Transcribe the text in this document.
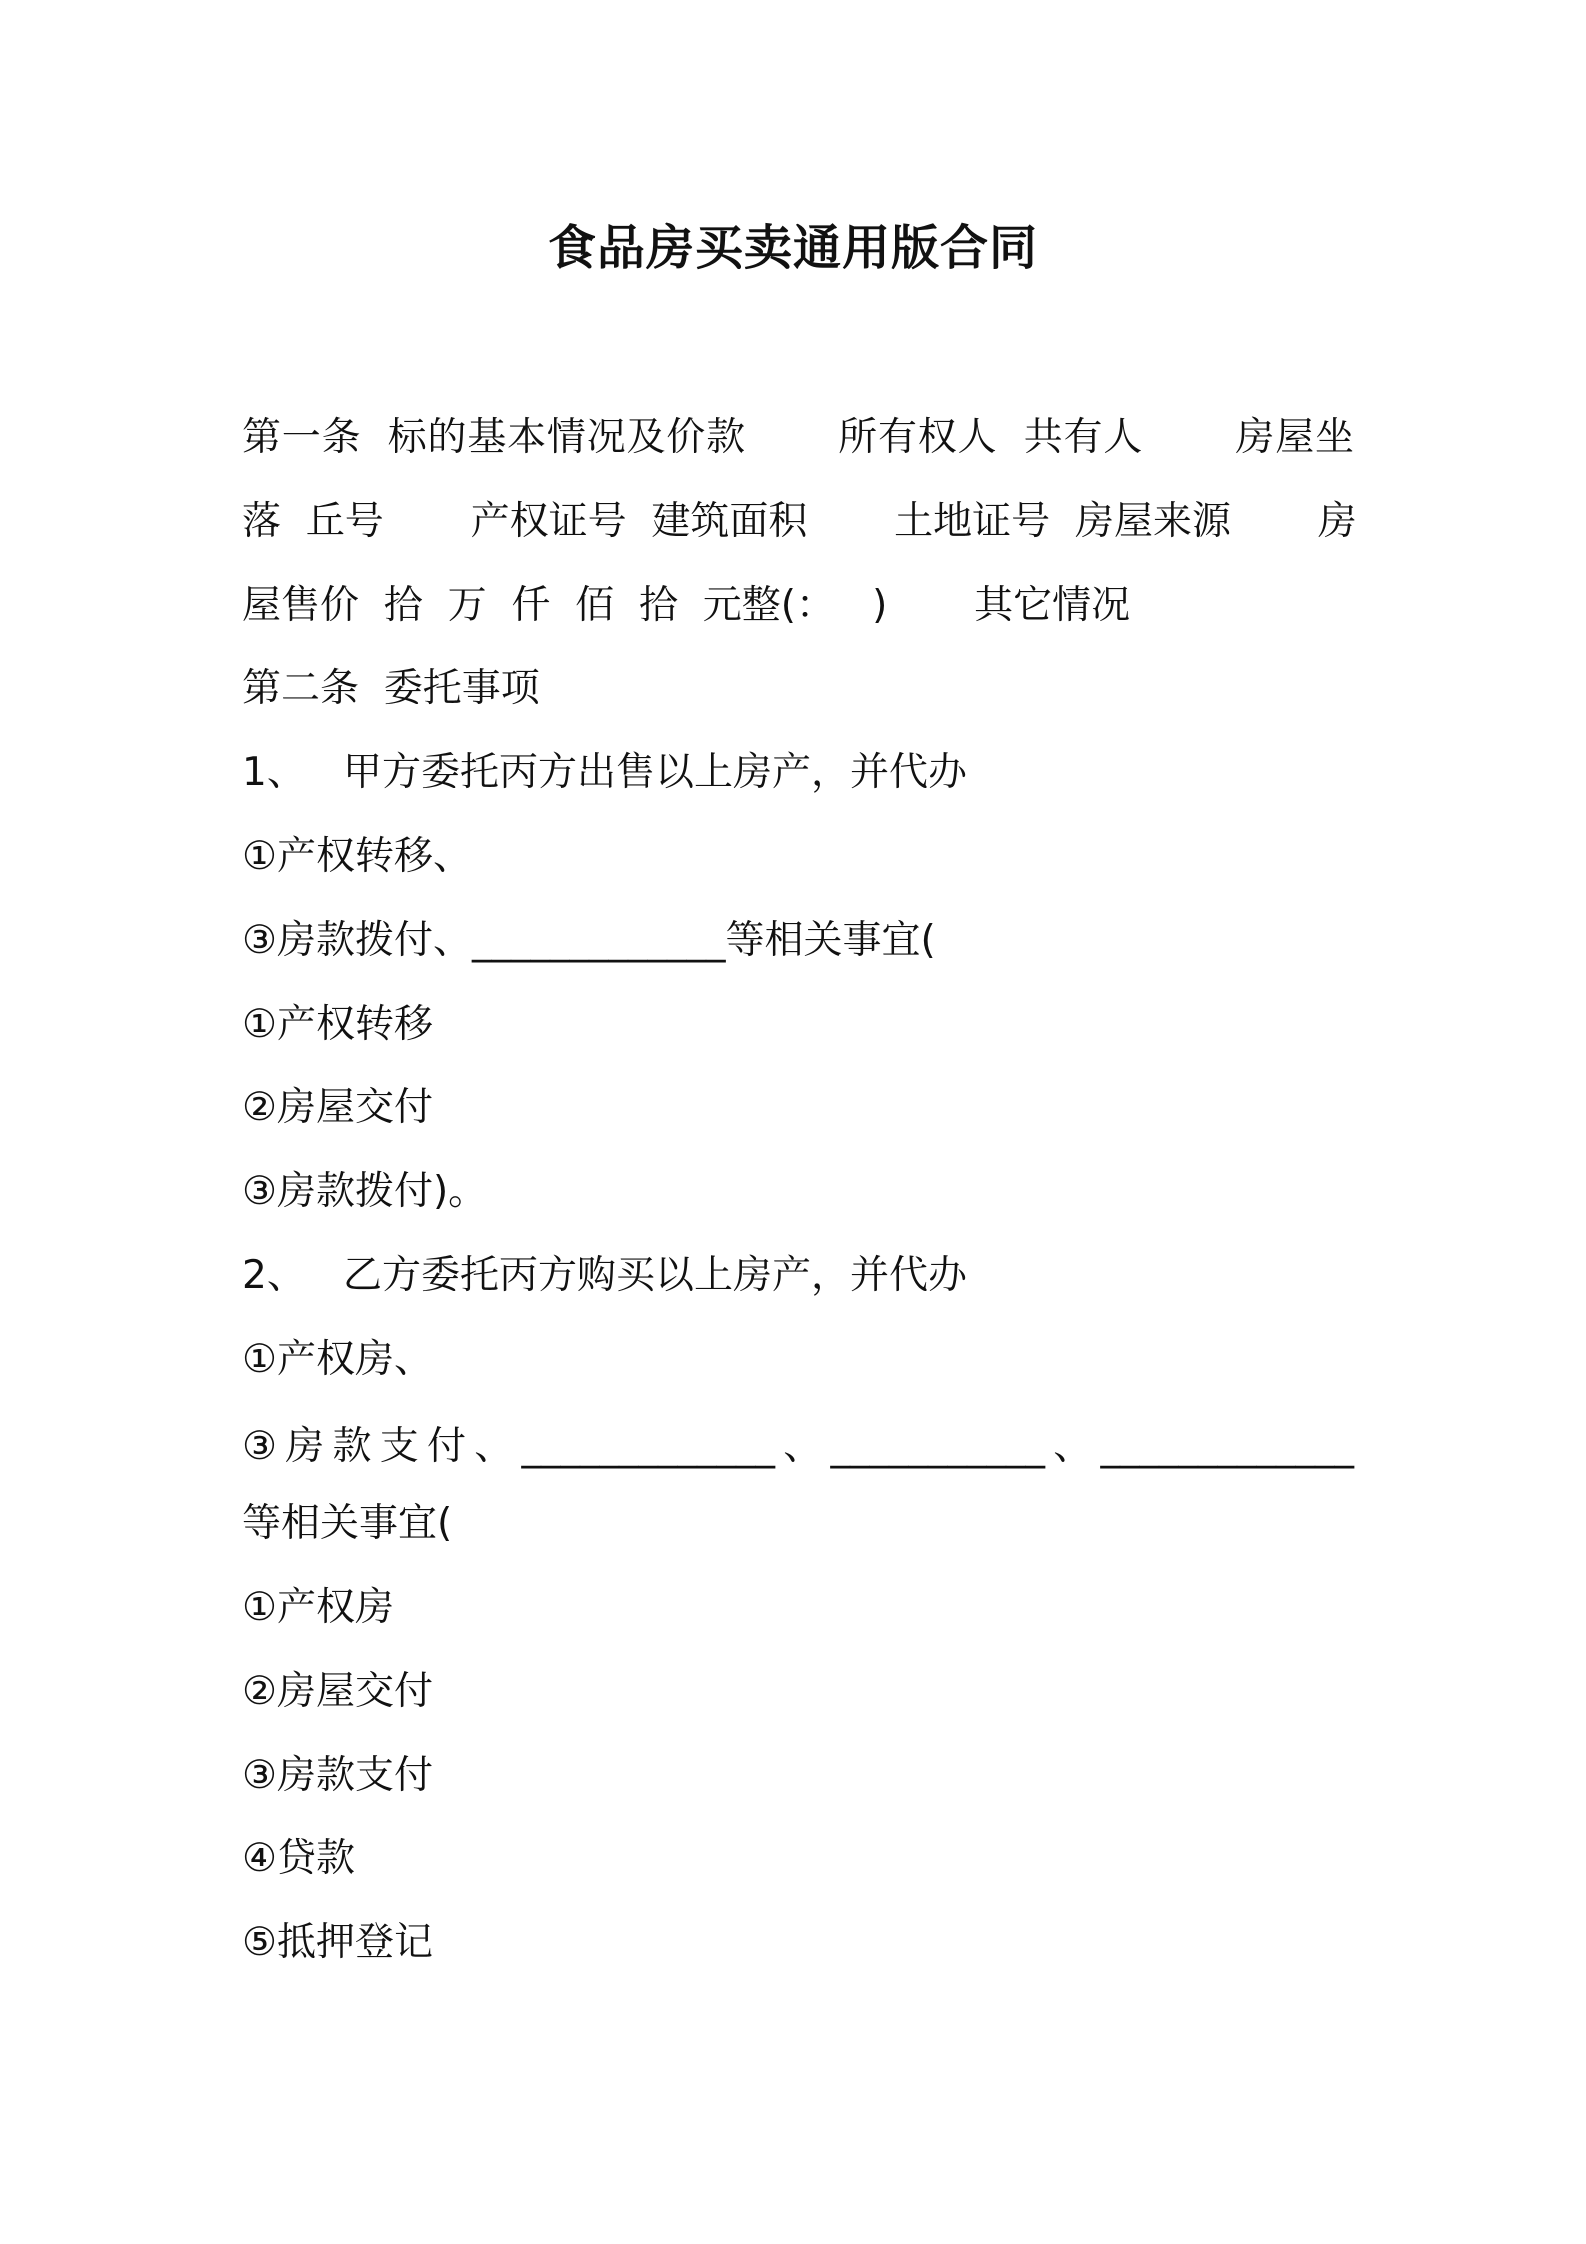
食品房买卖通用版合同
第一条  标的基本情况及价款       所有权人  共有人       房屋坐
落  丘号       产权证号  建筑面积       土地证号  房屋来源       房
屋售价  拾  万  仟  佰  拾  元整(：   )       其它情况
第二条  委托事项
1、   甲方委托丙方出售以上房产，并代办
①产权转移、
③房款拨付、_____________等相关事宜(
①产权转移
②房屋交付
③房款拨付)。
2、   乙方委托丙方购买以上房产，并代办
①产权房、
③房款支付、_____________、___________、_____________
等相关事宜(
①产权房
②房屋交付
③房款支付
④贷款
⑤抵押登记
